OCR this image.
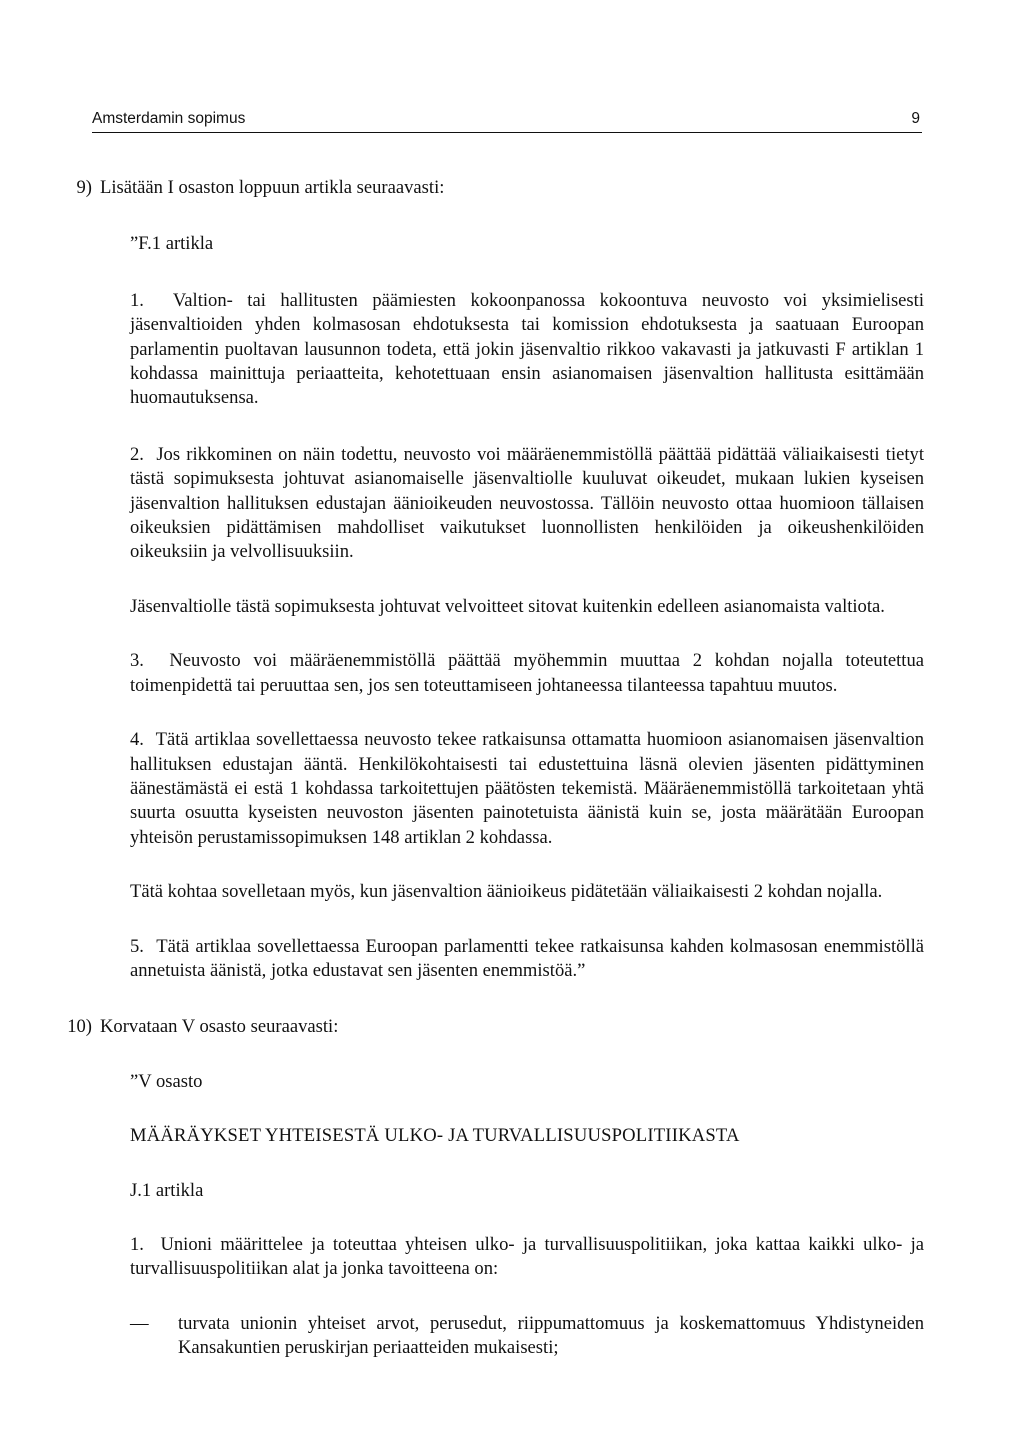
Amsterdamin sopimus	9
9) Lisätään I osaston loppuun artikla seuraavasti:
”F.1 artikla

1.  Valtion- tai hallitusten päämiesten kokoonpanossa kokoontuva neuvosto voi yksimielisesti jäsenvaltioiden yhden kolmasosan ehdotuksesta tai komission ehdotuksesta ja saatuaan Euroopan parlamentin puoltavan lausunnon todeta, että jokin jäsenvaltio rikkoo vakavasti ja jatkuvasti F artiklan 1 kohdassa mainittuja periaatteita, kehotettuaan ensin asianomaisen jäsenvaltion hallitusta esittämään huomautuksensa.

2.  Jos rikkominen on näin todettu, neuvosto voi määräenemmistöllä päättää pidättää väliaikaisesti tietyt tästä sopimuksesta johtuvat asianomaiselle jäsenvaltiolle kuuluvat oikeudet, mukaan lukien kyseisen jäsenvaltion hallituksen edustajan äänioikeuden neuvostossa. Tällöin neuvosto ottaa huomioon tällaisen oikeuksien pidättämisen mahdolliset vaikutukset luonnollisten henkilöiden ja oikeushenkilöiden oikeuksiin ja velvollisuuksiin.

Jäsenvaltiolle tästä sopimuksesta johtuvat velvoitteet sitovat kuitenkin edelleen asianomaista valtiota.

3.  Neuvosto voi määräenemmistöllä päättää myöhemmin muuttaa 2 kohdan nojalla toteutettua toimenpidettä tai peruuttaa sen, jos sen toteuttamiseen johtaneessa tilanteessa tapahtuu muutos.

4.  Tätä artiklaa sovellettaessa neuvosto tekee ratkaisunsa ottamatta huomioon asianomaisen jäsenvaltion hallituksen edustajan ääntä. Henkilökohtaisesti tai edustettuina läsnä olevien jäsenten pidättyminen äänestämästä ei estä 1 kohdassa tarkoitettujen päätösten tekemistä. Määräenemmistöllä tarkoitetaan yhtä suurta osuutta kyseisten neuvoston jäsenten painotetuista äänistä kuin se, josta määrätään Euroopan yhteisön perustamissopimuksen 148 artiklan 2 kohdassa.

Tätä kohtaa sovelletaan myös, kun jäsenvaltion äänioikeus pidätetään väliaikaisesti 2 kohdan nojalla.

5.  Tätä artiklaa sovellettaessa Euroopan parlamentti tekee ratkaisunsa kahden kolmasosan enemmistöllä annetuista äänistä, jotka edustavat sen jäsenten enemmistöä.”

10) Korvataan V osasto seuraavasti:
”V osasto
MÄÄRÄYKSET YHTEISESTÄ ULKO- JA TURVALLISUUSPOLITIIKASTA
J.1 artikla

1.  Unioni määrittelee ja toteuttaa yhteisen ulko- ja turvallisuuspolitiikan, joka kattaa kaikki ulko- ja turvallisuuspolitiikan alat ja jonka tavoitteena on:

—	turvata unionin yhteiset arvot, perusedut, riippumattomuus ja koskemattomuus Yhdistyneiden Kansakuntien peruskirjan periaatteiden mukaisesti;
